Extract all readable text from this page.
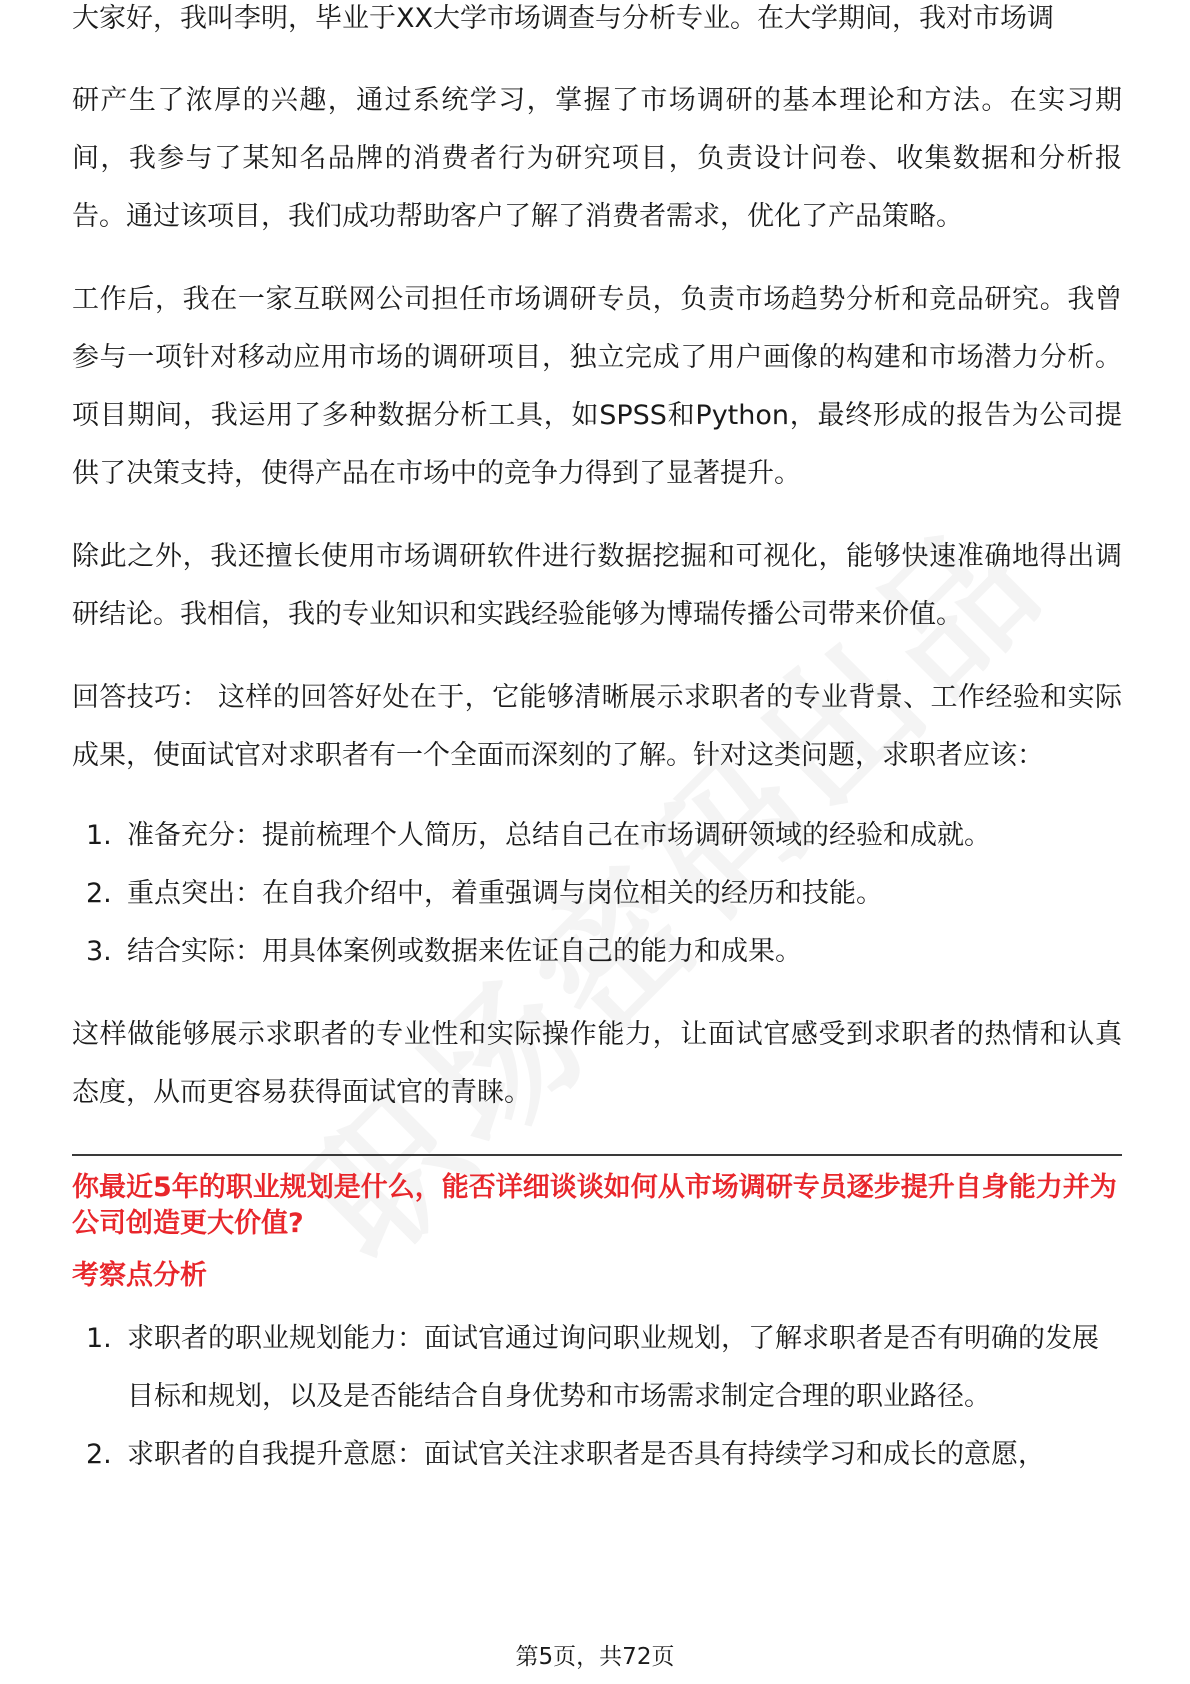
大家好，我叫李明，毕业于XX大学市场调查与分析专业。在大学期间，我对市场调

研产生了浓厚的兴趣，通过系统学习，掌握了市场调研的基本理论和方法。在实习期间，我参与了某知名品牌的消费者行为研究项目，负责设计问卷、收集数据和分析报告。通过该项目，我们成功帮助客户了解了消费者需求，优化了产品策略。

工作后，我在一家互联网公司担任市场调研专员，负责市场趋势分析和竞品研究。我曾参与一项针对移动应用市场的调研项目，独立完成了用户画像的构建和市场潜力分析。项目期间，我运用了多种数据分析工具，如SPSS和Python，最终形成的报告为公司提供了决策支持，使得产品在市场中的竞争力得到了显著提升。

除此之外，我还擅长使用市场调研软件进行数据挖掘和可视化，能够快速准确地得出调研结论。我相信，我的专业知识和实践经验能够为博瑞传播公司带来价值。

回答技巧： 这样的回答好处在于，它能够清晰展示求职者的专业背景、工作经验和实际成果，使面试官对求职者有一个全面而深刻的了解。针对这类问题，求职者应该：

1. 准备充分：提前梳理个人简历，总结自己在市场调研领域的经验和成就。
2. 重点突出：在自我介绍中，着重强调与岗位相关的经历和技能。
3. 结合实际：用具体案例或数据来佐证自己的能力和成果。

这样做能够展示求职者的专业性和实际操作能力，让面试官感受到求职者的热情和认真态度，从而更容易获得面试官的青睐。

你最近5年的职业规划是什么，能否详细谈谈如何从市场调研专员逐步提升自身能力并为公司创造更大价值?

考察点分析

1. 求职者的职业规划能力：面试官通过询问职业规划，了解求职者是否有明确的发展目标和规划，以及是否能结合自身优势和市场需求制定合理的职业路径。
2. 求职者的自我提升意愿：面试官关注求职者是否具有持续学习和成长的意愿，
第5页，共72页
